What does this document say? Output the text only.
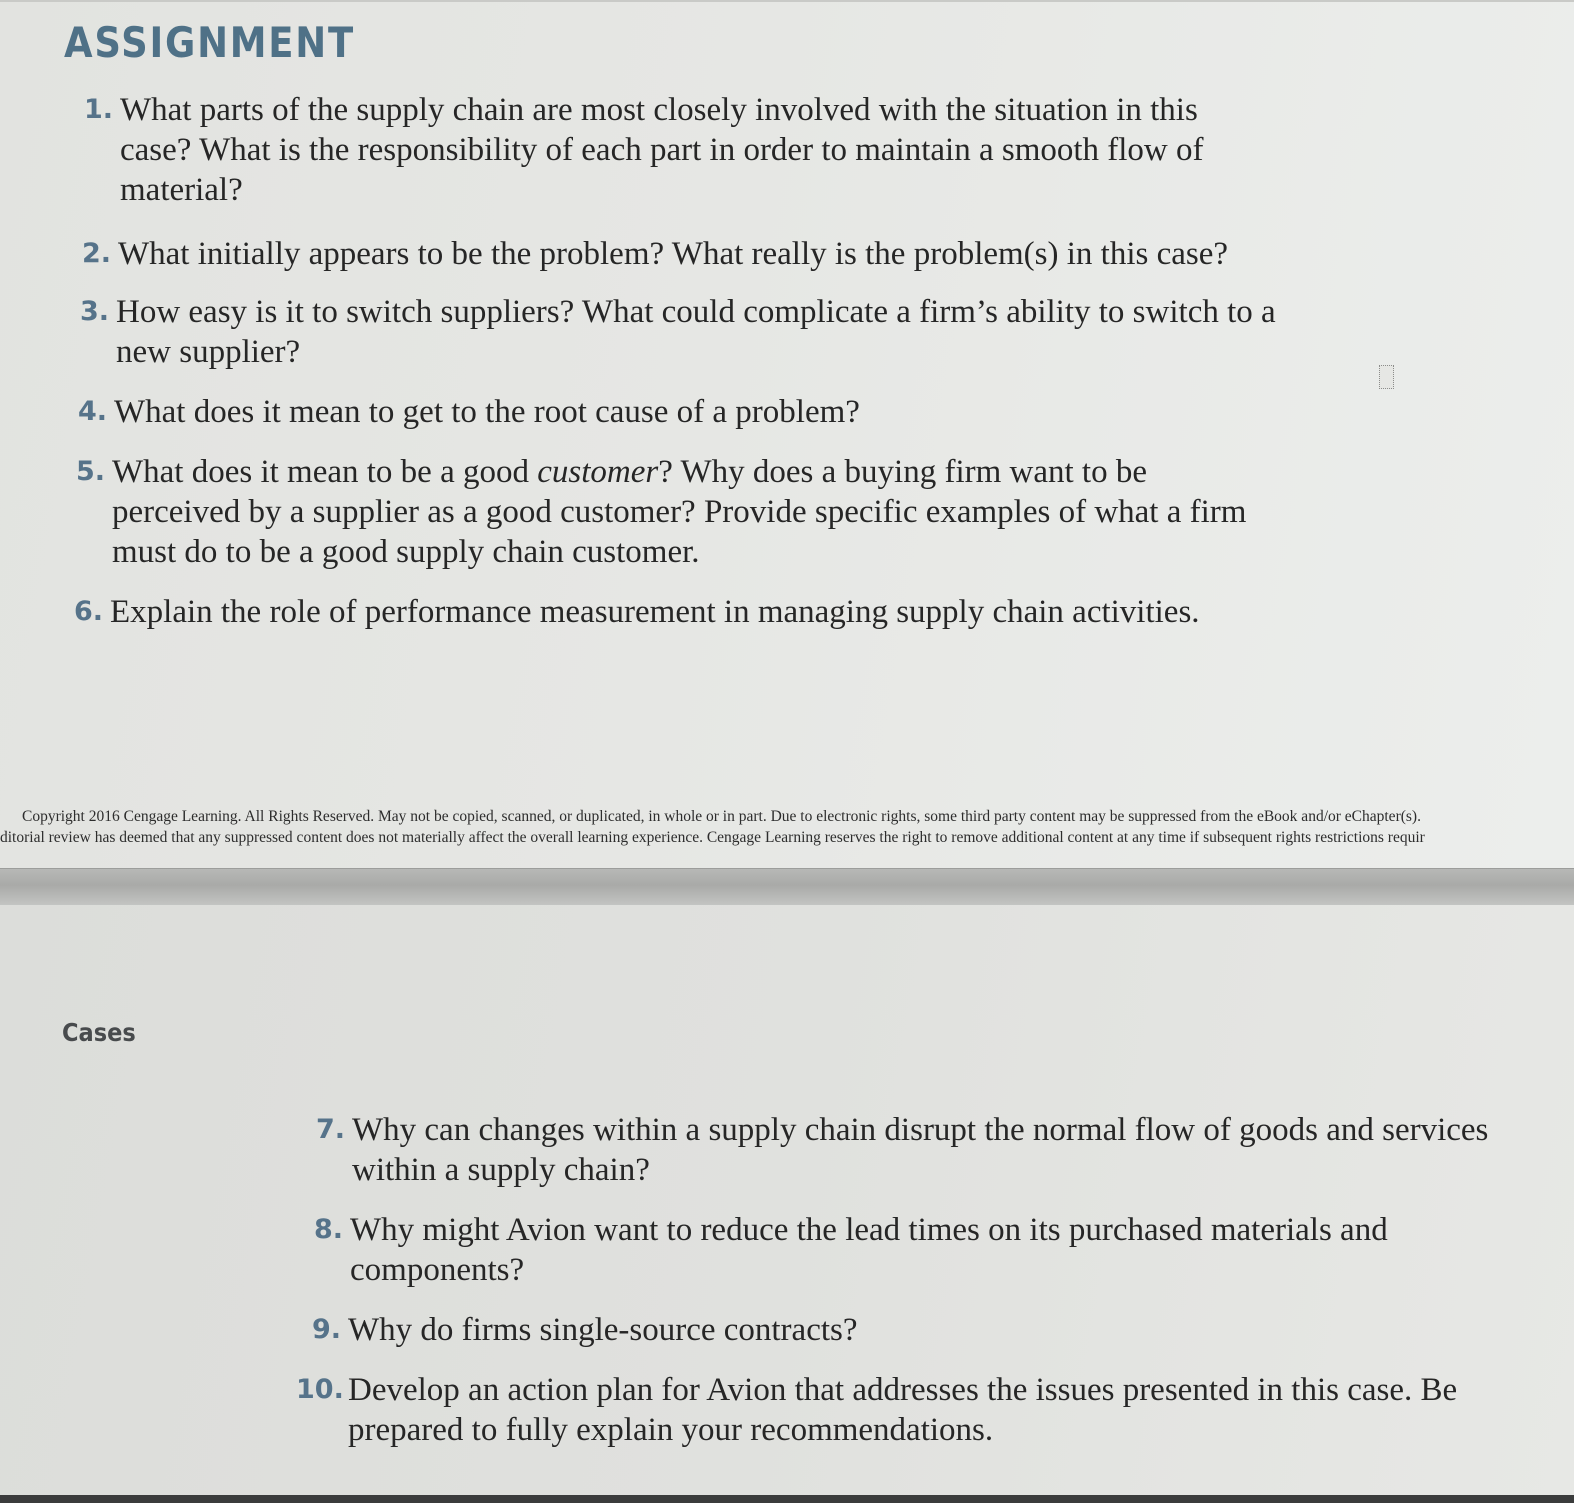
ASSIGNMENT
1. What parts of the supply chain are most closely involved with the situation in this case? What is the responsibility of each part in order to maintain a smooth flow of material?
2. What initially appears to be the problem? What really is the problem(s) in this case?
3. How easy is it to switch suppliers? What could complicate a firm’s ability to switch to a new supplier?
4. What does it mean to get to the root cause of a problem?
5. What does it mean to be a good customer? Why does a buying firm want to be perceived by a supplier as a good customer? Provide specific examples of what a firm must do to be a good supply chain customer.
6. Explain the role of performance measurement in managing supply chain activities.
Copyright 2016 Cengage Learning. All Rights Reserved. May not be copied, scanned, or duplicated, in whole or in part. Due to electronic rights, some third party content may be suppressed from the eBook and/or eChapter(s).
ditorial review has deemed that any suppressed content does not materially affect the overall learning experience. Cengage Learning reserves the right to remove additional content at any time if subsequent rights restrictions requir
Cases
7. Why can changes within a supply chain disrupt the normal flow of goods and services within a supply chain?
8. Why might Avion want to reduce the lead times on its purchased materials and components?
9. Why do firms single-source contracts?
10. Develop an action plan for Avion that addresses the issues presented in this case. Be prepared to fully explain your recommendations.
